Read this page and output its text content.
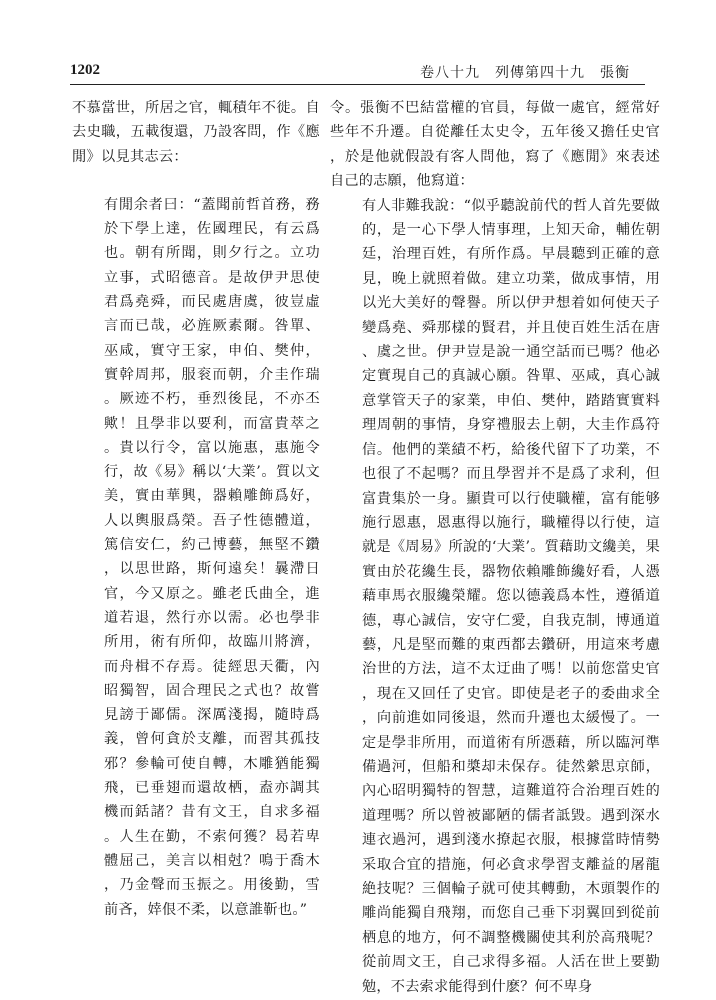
1202	卷八十九　列傳第四十九　張衡

不慕當世，所居之官，輒積年不徙。自去史職，五載復還，乃設客問，作《應閒》以見其志云：

有閒余者曰：“蓋聞前哲首務，務於下學上達，佐國理民，有云爲也。朝有所聞，則夕行之。立功立事，式昭德音。是故伊尹思使君爲堯舜，而民處唐虞，彼豈虛言而已哉，必旌厥素爾。咎單、巫咸，實守王家，申伯、樊仲，實幹周邦，服衮而朝，介圭作瑞。厥迹不朽，垂烈後昆，不亦丕歟！且學非以要利，而富貴萃之。貴以行令，富以施惠，惠施令行，故《易》稱以‘大業’。質以文美，實由華興，器賴雕飾爲好，人以輿服爲榮。吾子性德體道，篤信安仁，約己博藝，無堅不鑽，以思世路，斯何遠矣！曩滯日官，今又原之。雖老氏曲全，進道若退，然行亦以需。必也學非所用，術有所仰，故臨川將濟，而舟楫不存焉。徒經思天衢，內昭獨智，固合理民之式也？故嘗見謗于鄙儒。深厲淺揭，隨時爲義，曾何貪於支離，而習其孤技邪？參輪可使自轉，木雕猶能獨飛，已垂翅而還故栖，盍亦調其機而銛諸？昔有文王，自求多福。人生在勤，不索何獲？曷若卑體屈己，美言以相尅？鳴于喬木，乃金聲而玉振之。用後勤，雪前吝，婞佷不柔，以意誰靳也。”

令。張衡不巴結當權的官員，每做一處官，經常好些年不升遷。自從離任太史令，五年後又擔任史官，於是他就假設有客人問他，寫了《應閒》來表述自己的志願，他寫道：

有人非難我說：“似乎聽說前代的哲人首先要做的，是一心下學人情事理，上知天命，輔佐朝廷，治理百姓，有所作爲。早晨聽到正確的意見，晚上就照着做。建立功業，做成事情，用以光大美好的聲譽。所以伊尹想着如何使天子變爲堯、舜那樣的賢君，并且使百姓生活在唐、虞之世。伊尹豈是說一通空話而已嗎？他必定實現自己的真誠心願。咎單、巫咸，真心誠意掌管天子的家業，申伯、樊仲，踏踏實實料理周朝的事情，身穿禮服去上朝，大圭作爲符信。他們的業績不朽，給後代留下了功業，不也很了不起嗎？而且學習并不是爲了求利，但富貴集於一身。顯貴可以行使職權，富有能够施行恩惠，恩惠得以施行，職權得以行使，這就是《周易》所說的‘大業’。質藉助文纔美，果實由於花纔生長，器物依賴雕飾纔好看，人憑藉車馬衣服纔榮耀。您以德義爲本性，遵循道德，專心誠信，安守仁愛，自我克制，博通道藝，凡是堅而難的東西都去鑽研，用這來考慮治世的方法，這不太迂曲了嗎！以前您當史官，現在又回任了史官。即使是老子的委曲求全，向前進如同後退，然而升遷也太緩慢了。一定是學非所用，而道術有所憑藉，所以臨河準備過河，但船和槳却未保存。徒然縈思京師，內心昭明獨特的智慧，這難道符合治理百姓的道理嗎？所以曾被鄙陋的儒者詆毀。遇到深水連衣過河，遇到淺水撩起衣服，根據當時情勢采取合宜的措施，何必貪求學習支離益的屠龍絶技呢？三個輪子就可使其轉動，木頭製作的雕尚能獨自飛翔，而您自己垂下羽翼回到從前栖息的地方，何不調整機關使其利於高飛呢？從前周文王，自己求得多福。人活在世上要勤勉，不去索求能得到什麽？何不卑身
